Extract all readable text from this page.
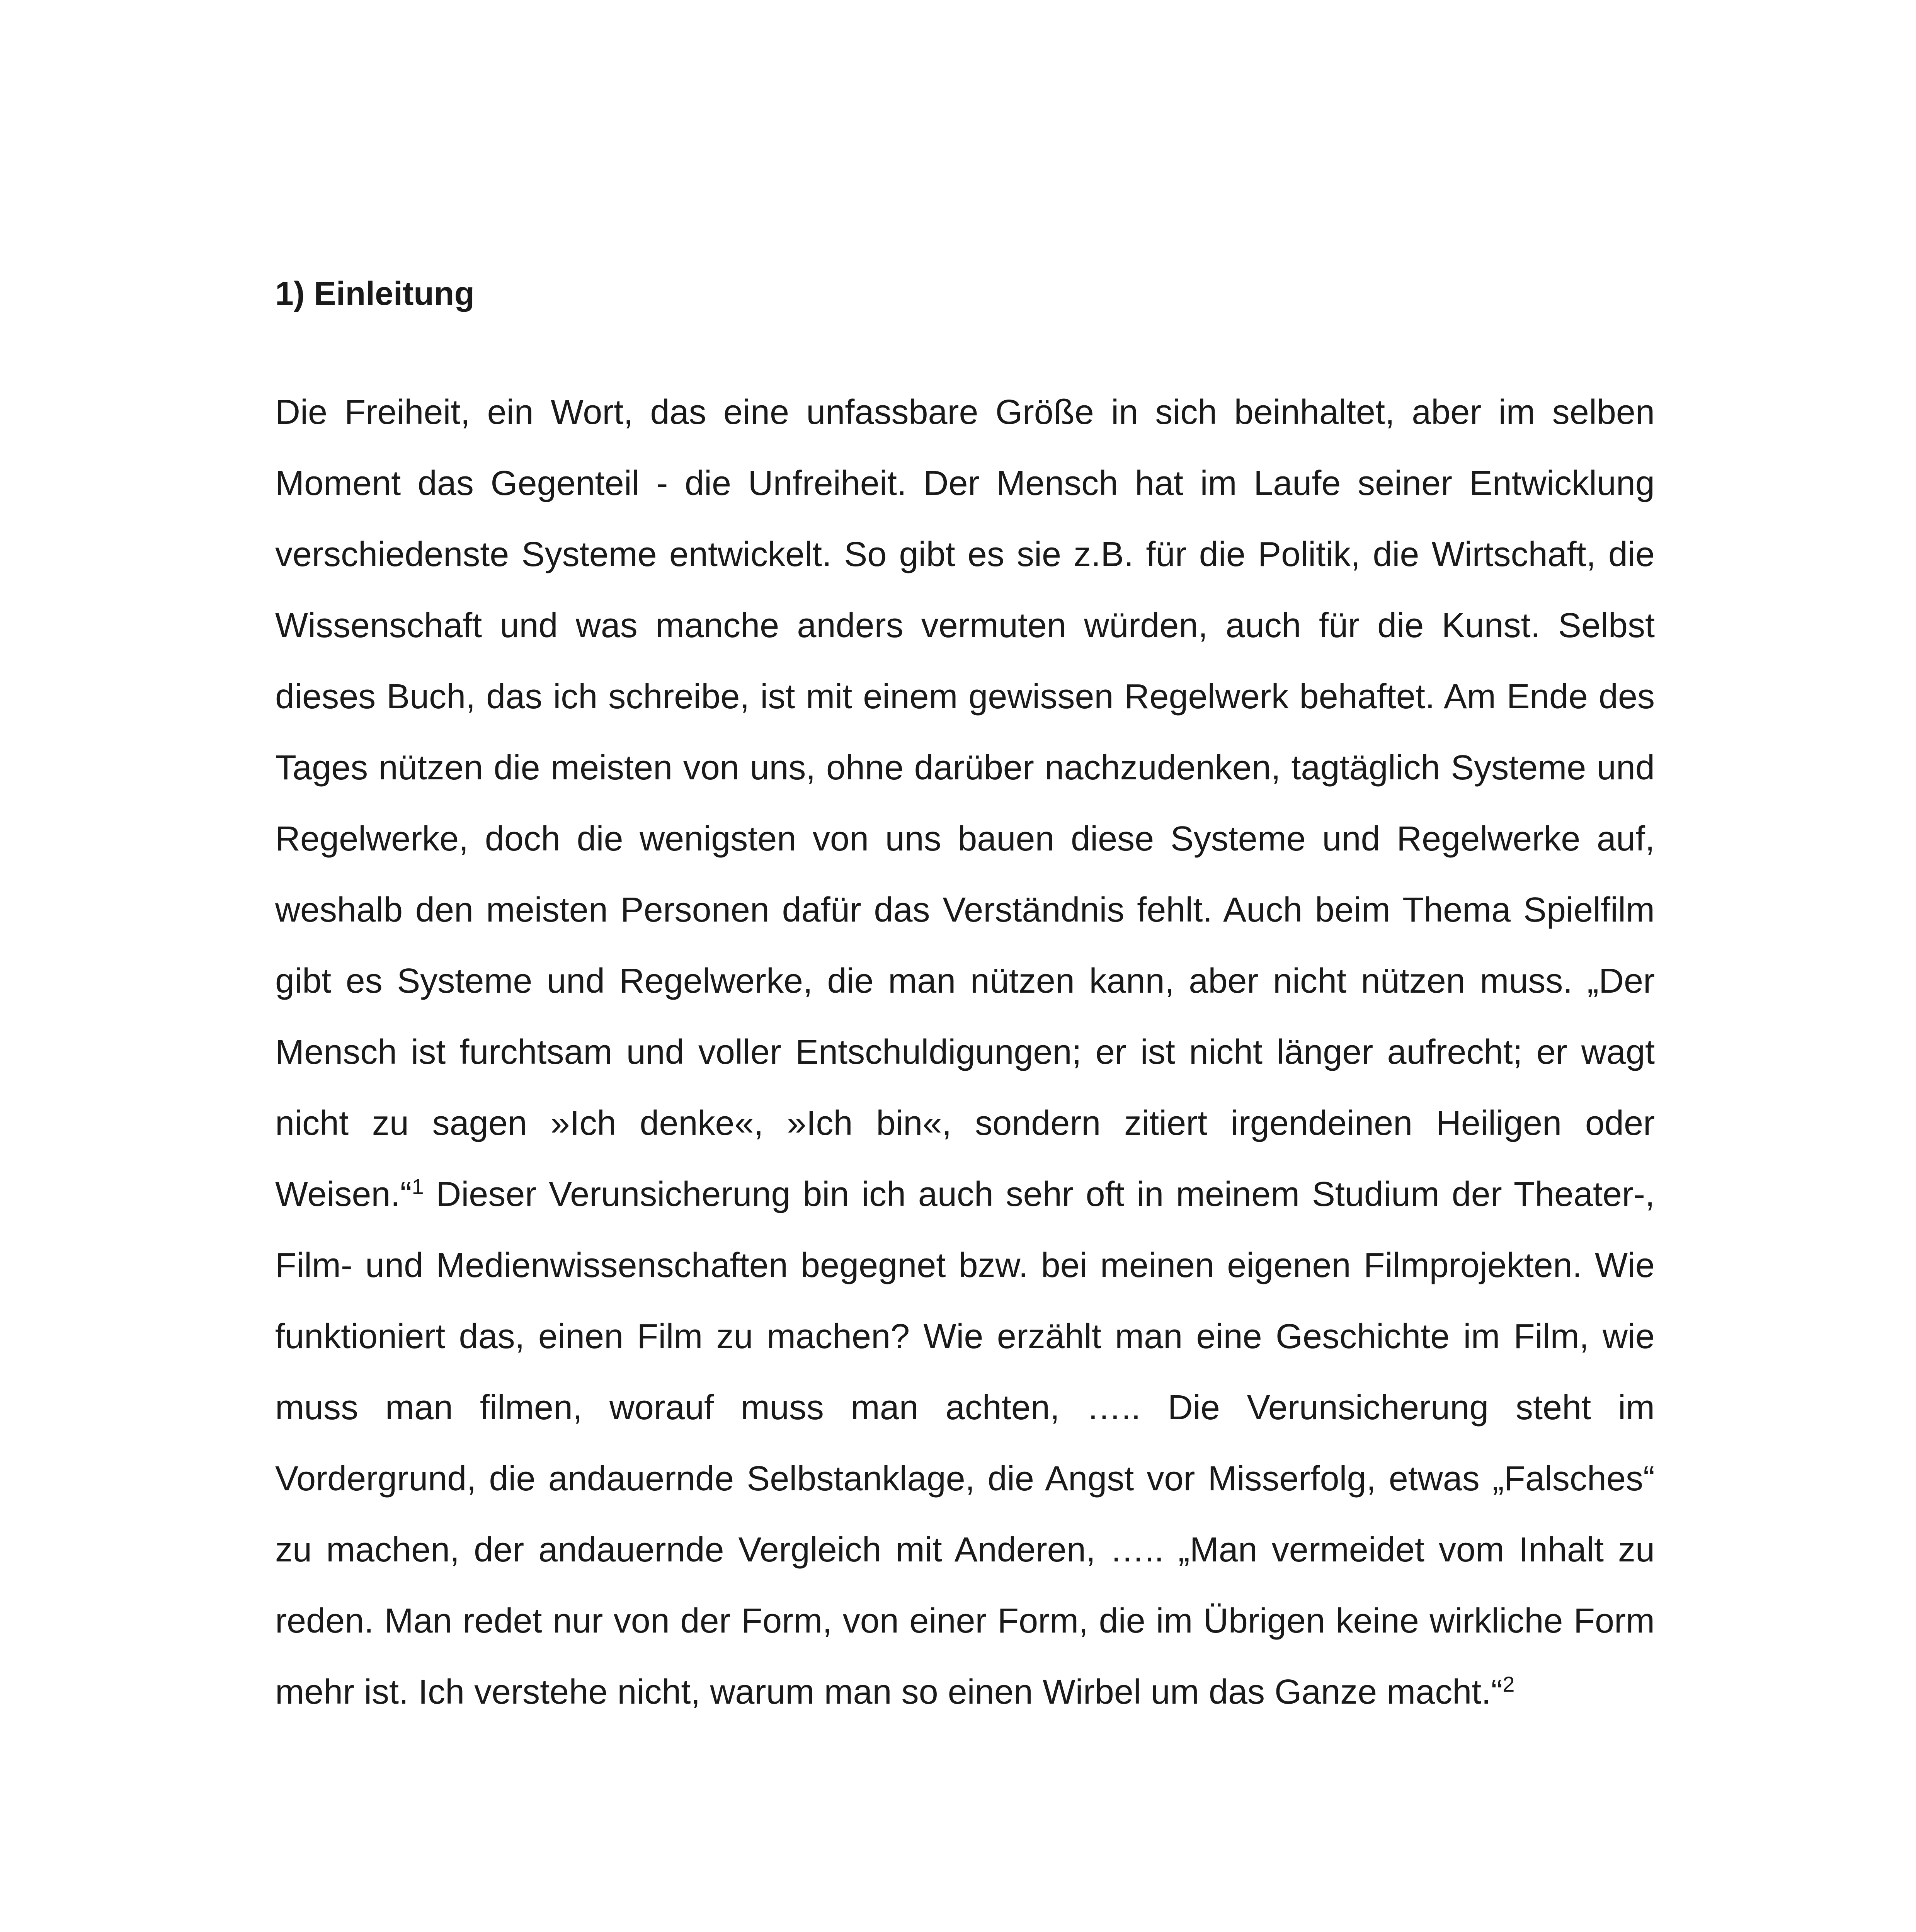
1) Einleitung

Die Freiheit, ein Wort, das eine unfassbare Größe in sich beinhaltet, aber im selben Moment das Gegenteil - die Unfreiheit. Der Mensch hat im Laufe seiner Entwicklung verschiedenste Systeme entwickelt. So gibt es sie z.B. für die Politik, die Wirtschaft, die Wissenschaft und was manche anders vermuten würden, auch für die Kunst. Selbst dieses Buch, das ich schreibe, ist mit einem gewissen Regelwerk behaftet. Am Ende des Tages nützen die meisten von uns, ohne darüber nachzudenken, tagtäglich Systeme und Regelwerke, doch die wenigsten von uns bauen diese Systeme und Regelwerke auf, weshalb den meisten Personen dafür das Verständnis fehlt. Auch beim Thema Spielfilm gibt es Systeme und Regelwerke, die man nützen kann, aber nicht nützen muss. „Der Mensch ist furchtsam und voller Entschuldigungen; er ist nicht länger aufrecht; er wagt nicht zu sagen »Ich denke«, »Ich bin«, sondern zitiert irgendeinen Heiligen oder Weisen.“$^1$ Dieser Verunsicherung bin ich auch sehr oft in meinem Studium der Theater-, Film- und Medienwissenschaften begegnet bzw. bei meinen eigenen Filmprojekten. Wie funktioniert das, einen Film zu machen? Wie erzählt man eine Geschichte im Film, wie muss man filmen, worauf muss man achten, ….. Die Verunsicherung steht im Vordergrund, die andauernde Selbstanklage, die Angst vor Misserfolg, etwas „Falsches“ zu machen, der andauernde Vergleich mit Anderen, ….. „Man vermeidet vom Inhalt zu reden. Man redet nur von der Form, von einer Form, die im Übrigen keine wirkliche Form mehr ist. Ich verstehe nicht, warum man so einen Wirbel um das Ganze macht.“$^2$
